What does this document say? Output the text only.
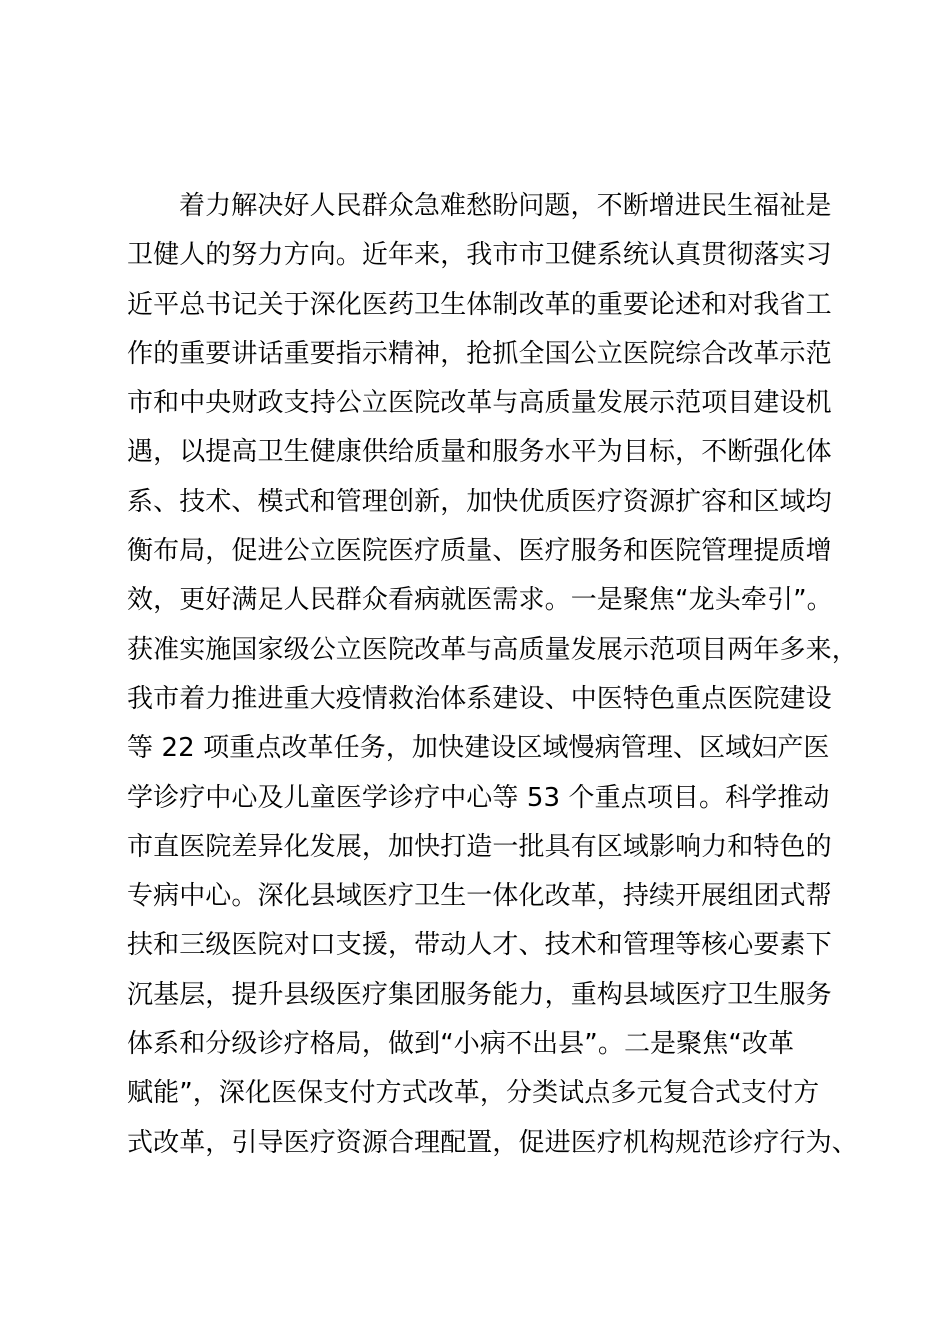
着力解决好人民群众急难愁盼问题，不断增进民生福祉是
卫健人的努力方向。近年来，我市市卫健系统认真贯彻落实习
近平总书记关于深化医药卫生体制改革的重要论述和对我省工
作的重要讲话重要指示精神，抢抓全国公立医院综合改革示范
市和中央财政支持公立医院改革与高质量发展示范项目建设机
遇，以提高卫生健康供给质量和服务水平为目标，不断强化体
系、技术、模式和管理创新，加快优质医疗资源扩容和区域均
衡布局，促进公立医院医疗质量、医疗服务和医院管理提质增
效，更好满足人民群众看病就医需求。一是聚焦“龙头牵引”。
获准实施国家级公立医院改革与高质量发展示范项目两年多来，
我市着力推进重大疫情救治体系建设、中医特色重点医院建设
等 22 项重点改革任务，加快建设区域慢病管理、区域妇产医
学诊疗中心及儿童医学诊疗中心等 53 个重点项目。科学推动
市直医院差异化发展，加快打造一批具有区域影响力和特色的
专病中心。深化县域医疗卫生一体化改革，持续开展组团式帮
扶和三级医院对口支援，带动人才、技术和管理等核心要素下
沉基层，提升县级医疗集团服务能力，重构县域医疗卫生服务
体系和分级诊疗格局，做到“小病不出县”。二是聚焦“改革
赋能”，深化医保支付方式改革，分类试点多元复合式支付方
式改革，引导医疗资源合理配置，促进医疗机构规范诊疗行为、
